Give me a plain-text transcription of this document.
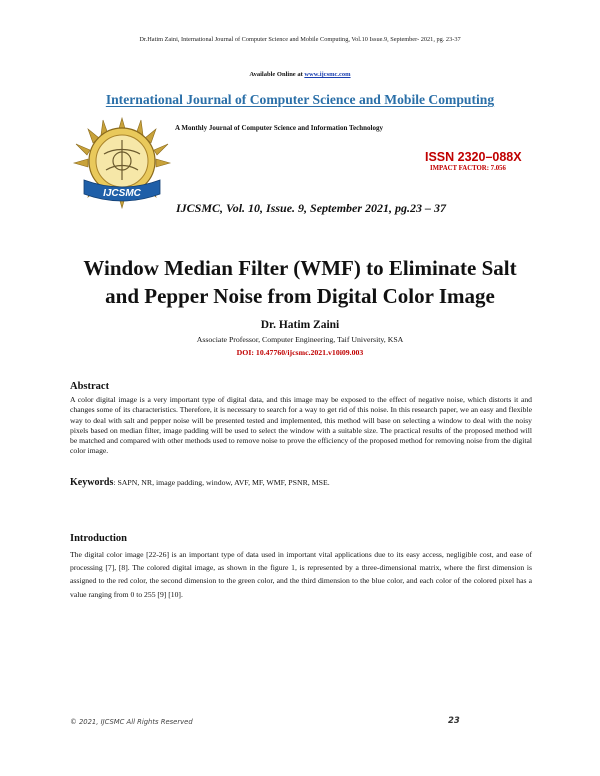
Dr.Hatim Zaini, International Journal of Computer Science and Mobile Computing, Vol.10 Issue.9, September- 2021, pg. 23-37
Available Online at www.ijcsmc.com
International Journal of Computer Science and Mobile Computing
IJCSMC
A Monthly Journal of Computer Science and Information Technology
ISSN 2320–088X
IMPACT FACTOR: 7.056
IJCSMC, Vol. 10, Issue. 9, September 2021, pg.23 – 37
Window Median Filter (WMF) to Eliminate Salt
and Pepper Noise from Digital Color Image
Dr. Hatim Zaini
Associate Professor, Computer Engineering, Taif University, KSA
DOI: 10.47760/ijcsmc.2021.v10i09.003
Abstract
A color digital image is a very important type of digital data, and this image may be exposed to the effect of negative noise, which distorts it and changes some of its characteristics. Therefore, it is necessary to search for a way to get rid of this noise. In this research paper, we an easy and flexible way to deal with salt and pepper noise will be presented tested and implemented, this method will base on selecting a window to deal with the noisy pixels based on median filter, image padding will be used to select the window with a suitable size. The practical results of the proposed method will be matched and compared with other methods used to remove noise to prove the efficiency of the proposed method for removing noise from the digital color image.
Keywords: SAPN, NR, image padding, window, AVF, MF, WMF, PSNR, MSE.
Introduction
The digital color image [22-26] is an important type of data used in important vital applications due to its easy access, negligible cost, and ease of processing [7], [8]. The colored digital image, as shown in the figure 1, is represented by a three-dimensional matrix, where the first dimension is assigned to the red color, the second dimension to the green color, and the third dimension to the blue color, and each color of the colored pixel has a value ranging from 0 to 255 [9] [10].
© 2021, IJCSMC All Rights Reserved	23
